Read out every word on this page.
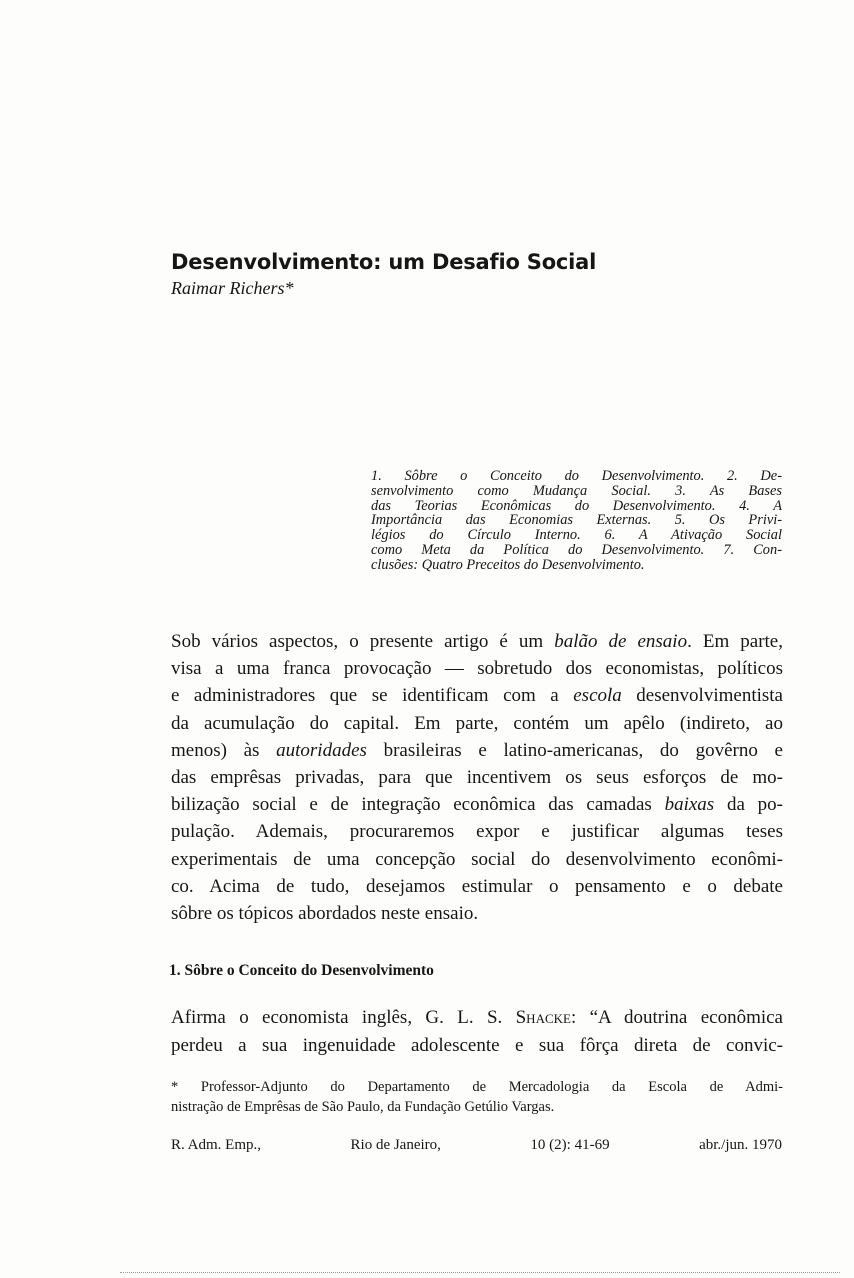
Desenvolvimento: um Desafio Social

Raimar Richers*

1. Sôbre o Conceito do Desenvolvimento. 2. De-
senvolvimento como Mudança Social. 3. As Bases
das Teorias Econômicas do Desenvolvimento. 4. A
Importância das Economias Externas. 5. Os Privi-
légios do Círculo Interno. 6. A Ativação Social
como Meta da Política do Desenvolvimento. 7. Con-
clusões: Quatro Preceitos do Desenvolvimento.
Sob vários aspectos, o presente artigo é um balão de ensaio. Em parte,
visa a uma franca provocação — sobretudo dos economistas, políticos
e administradores que se identificam com a escola desenvolvimentista
da acumulação do capital. Em parte, contém um apêlo (indireto, ao
menos) às autoridades brasileiras e latino-americanas, do govêrno e
das emprêsas privadas, para que incentivem os seus esforços de mo-
bilização social e de integração econômica das camadas baixas da po-
pulação. Ademais, procuraremos expor e justificar algumas teses
experimentais de uma concepção social do desenvolvimento econômi-
co. Acima de tudo, desejamos estimular o pensamento e o debate
sôbre os tópicos abordados neste ensaio.
1. Sôbre o Conceito do Desenvolvimento
Afirma o economista inglês, G. L. S. Shacke: “A doutrina econômica
perdeu a sua ingenuidade adolescente e sua fôrça direta de convic-
* Professor-Adjunto do Departamento de Mercadologia da Escola de Admi-
nistração de Emprêsas de São Paulo, da Fundação Getúlio Vargas.
R. Adm. Emp.,	Rio de Janeiro,	10 (2): 41-69	abr./jun. 1970
